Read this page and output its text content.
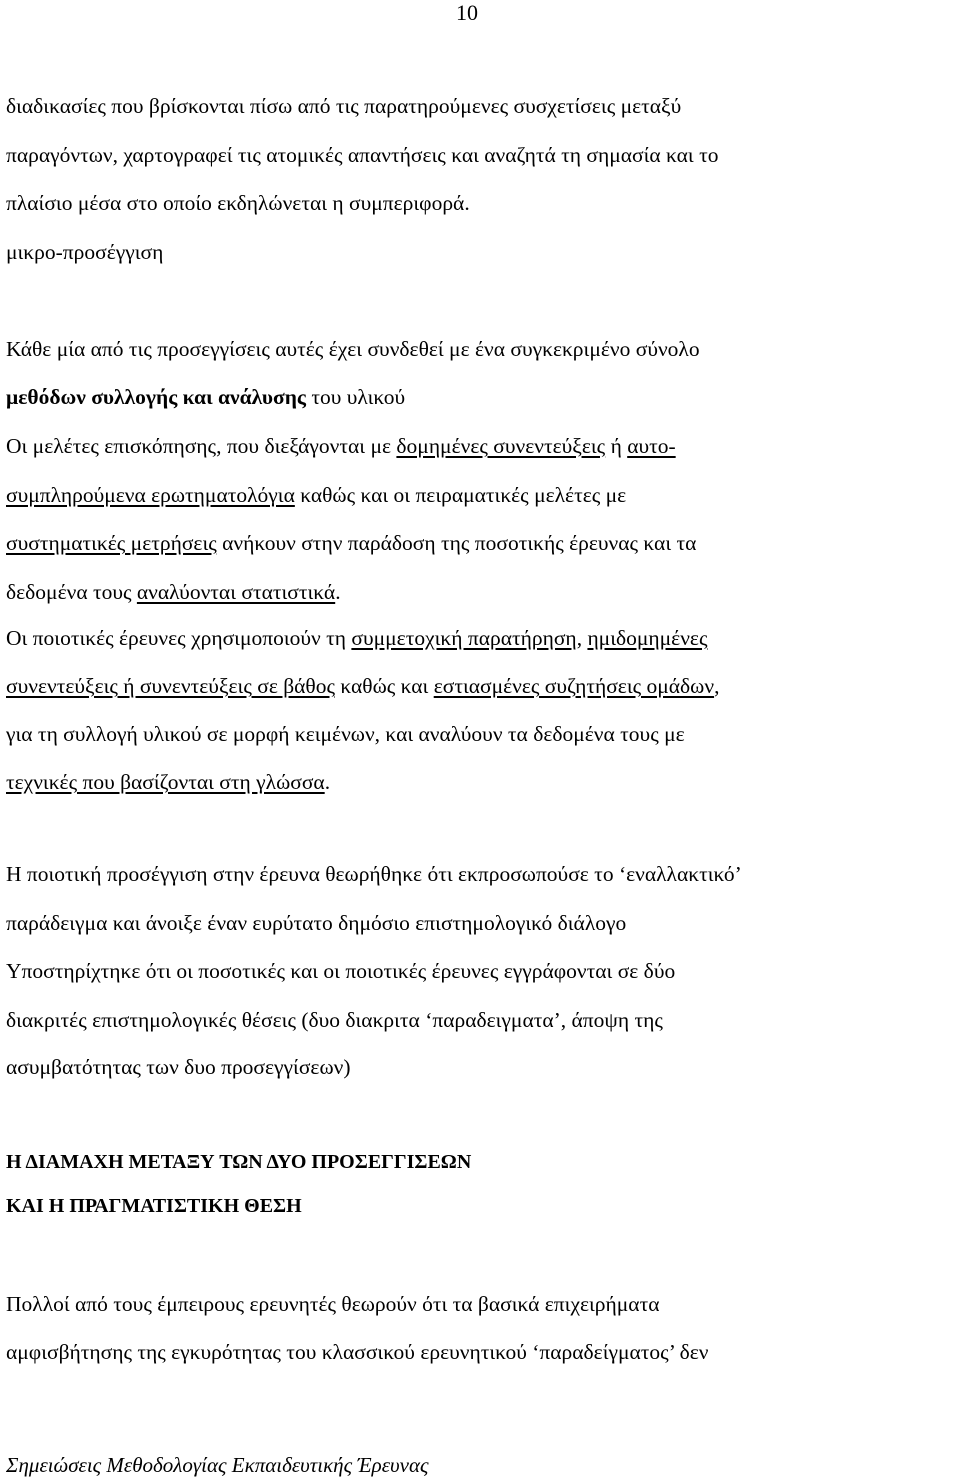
10
διαδικασίες που βρίσκονται πίσω από τις παρατηρούμενες συσχετίσεις μεταξύ
παραγόντων, χαρτογραφεί τις ατομικές απαντήσεις και αναζητά τη σημασία και το
πλαίσιο μέσα στο οποίο εκδηλώνεται η συμπεριφορά.
μικρο-προσέγγιση
Κάθε μία από τις προσεγγίσεις αυτές έχει συνδεθεί με ένα συγκεκριμένο σύνολο
μεθόδων συλλογής και ανάλυσης του υλικού
Οι μελέτες επισκόπησης, που διεξάγονται με δομημένες συνεντεύξεις ή αυτο-
συμπληρούμενα ερωτηματολόγια καθώς και οι πειραματικές μελέτες με
συστηματικές μετρήσεις ανήκουν στην παράδοση της ποσοτικής έρευνας και τα
δεδομένα τους αναλύονται στατιστικά.
Οι ποιοτικές έρευνες χρησιμοποιούν τη συμμετοχική παρατήρηση, ημιδομημένες
συνεντεύξεις ή συνεντεύξεις σε βάθος καθώς και εστιασμένες συζητήσεις ομάδων,
για τη συλλογή υλικού σε μορφή κειμένων, και αναλύουν τα δεδομένα τους με
τεχνικές που βασίζονται στη γλώσσα.
Η ποιοτική προσέγγιση στην έρευνα θεωρήθηκε ότι εκπροσωπούσε το ‘εναλλακτικό’
παράδειγμα και άνοιξε έναν ευρύτατο δημόσιο επιστημολογικό διάλογο
Υποστηρίχτηκε ότι οι ποσοτικές και οι ποιοτικές έρευνες εγγράφονται σε δύο
διακριτές επιστημολογικές θέσεις (δυο διακριτα ‘παραδειγματα’, άποψη της
ασυμβατότητας των δυο προσεγγίσεων)
Η ΔΙΑΜΑΧΗ ΜΕΤΑΞΥ ΤΩΝ ΔΥΟ ΠΡΟΣΕΓΓΙΣΕΩΝ
ΚΑΙ Η ΠΡΑΓΜΑΤΙΣΤΙΚΗ ΘΕΣΗ
Πολλοί από τους έμπειρους ερευνητές θεωρούν ότι τα βασικά επιχειρήματα
αμφισβήτησης της εγκυρότητας του κλασσικού ερευνητικού ‘παραδείγματος’ δεν
Σημειώσεις Μεθοδολογίας Εκπαιδευτικής Έρευνας
